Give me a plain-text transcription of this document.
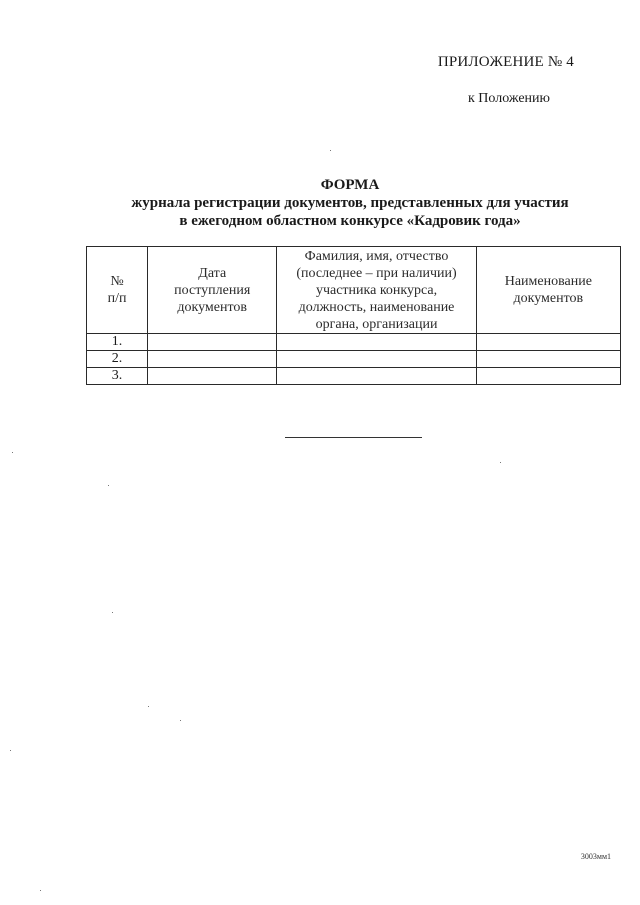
ПРИЛОЖЕНИЕ № 4
к Положению
ФОРМА
журнала регистрации документов, представленных для участия
в ежегодном областном конкурсе «Кадровик года»
№
п/п	Дата
поступления
документов	Фамилия, имя, отчество
(последнее – при наличии)
участника конкурса,
должность, наименование
органа, организации	Наименование
документов
1.			
2.			
3.			
3003мм1
